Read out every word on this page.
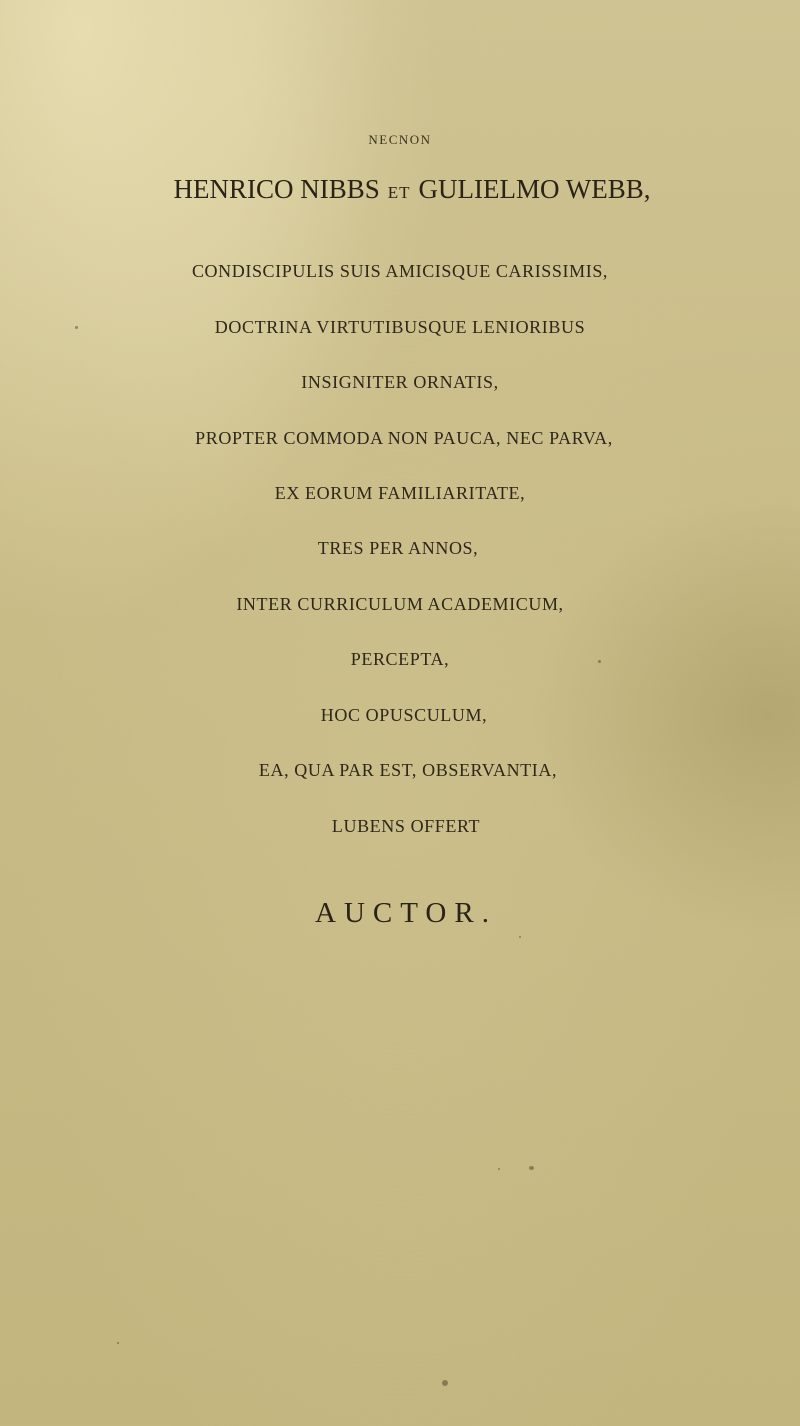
NECNON
HENRICO NIBBS ET GULIELMO WEBB,
CONDISCIPULIS SUIS AMICISQUE CARISSIMIS,
DOCTRINA VIRTUTIBUSQUE LENIORIBUS
INSIGNITER ORNATIS,
PROPTER COMMODA NON PAUCA, NEC PARVA,
EX EORUM FAMILIARITATE,
TRES PER ANNOS,
INTER CURRICULUM ACADEMICUM,
PERCEPTA,
HOC OPUSCULUM,
EA, QUA PAR EST, OBSERVANTIA,
LUBENS OFFERT
AUCTOR.
